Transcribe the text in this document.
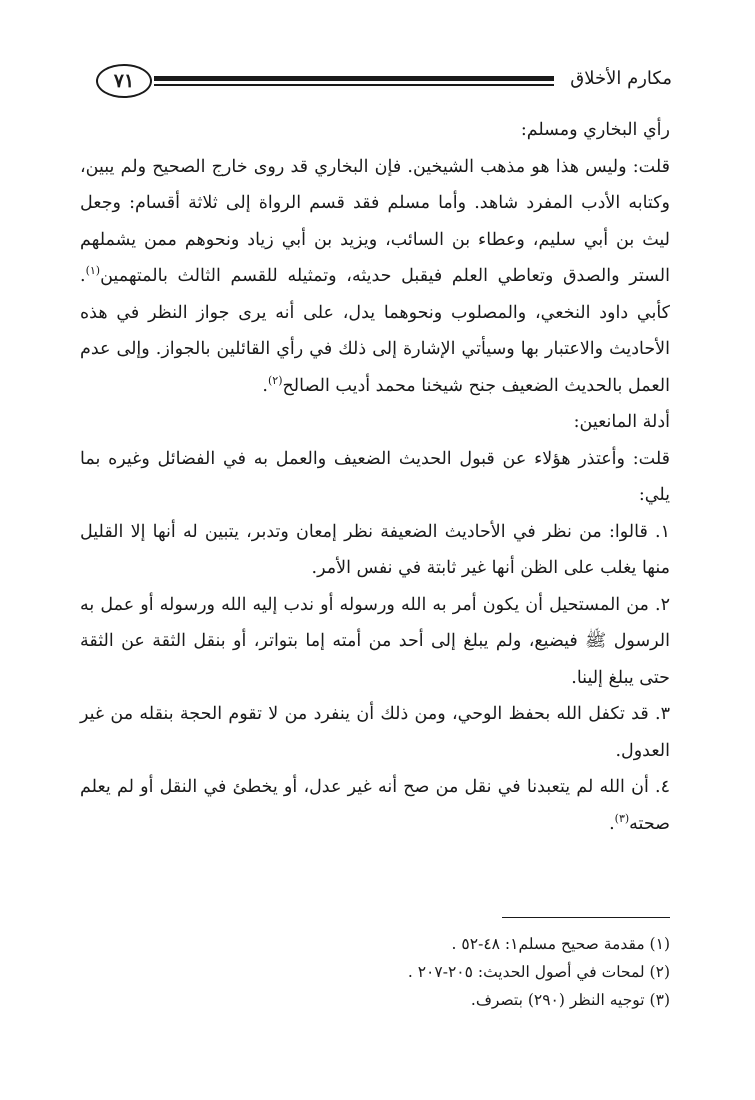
٧١	مكارم الأخلاق

رأي البخاري ومسلم:

قلت: وليس هذا هو مذهب الشيخين. فإن البخاري قد روى خارج الصحيح ولم يبين، وكتابه الأدب المفرد شاهد. وأما مسلم فقد قسم الرواة إلى ثلاثة أقسام: وجعل ليث بن أبي سليم، وعطاء بن السائب، ويزيد بن أبي زياد ونحوهم ممن يشملهم الستر والصدق وتعاطي العلم فيقبل حديثه، وتمثيله للقسم الثالث بالمتهمين$^{(١)}$. كأبي داود النخعي، والمصلوب ونحوهما يدل، على أنه يرى جواز النظر في هذه الأحاديث والاعتبار بها وسيأتي الإشارة إلى ذلك في رأي القائلين بالجواز. وإلى عدم العمل بالحديث الضعيف جنح شيخنا محمد أديب الصالح$^{(٢)}$.

أدلة المانعين:

قلت: وأعتذر هؤلاء عن قبول الحديث الضعيف والعمل به في الفضائل وغيره بما يلي:

١. قالوا: من نظر في الأحاديث الضعيفة نظر إمعان وتدبر، يتبين له أنها إلا القليل منها يغلب على الظن أنها غير ثابتة في نفس الأمر.

٢. من المستحيل أن يكون أمر به الله ورسوله أو ندب إليه الله ورسوله أو عمل به الرسول ﷺ فيضيع، ولم يبلغ إلى أحد من أمته إما بتواتر، أو بنقل الثقة عن الثقة حتى يبلغ إلينا.

٣. قد تكفل الله بحفظ الوحي، ومن ذلك أن ينفرد من لا تقوم الحجة بنقله من غير العدول.

٤. أن الله لم يتعبدنا في نقل من صح أنه غير عدل، أو يخطئ في النقل أو لم يعلم صحته$^{(٣)}$.

(١) مقدمة صحيح مسلم١: ٤٨-٥٢ .
(٢) لمحات في أصول الحديث: ٢٠٥-٢٠٧ .
(٣) توجيه النظر (٢٩٠) بتصرف.
